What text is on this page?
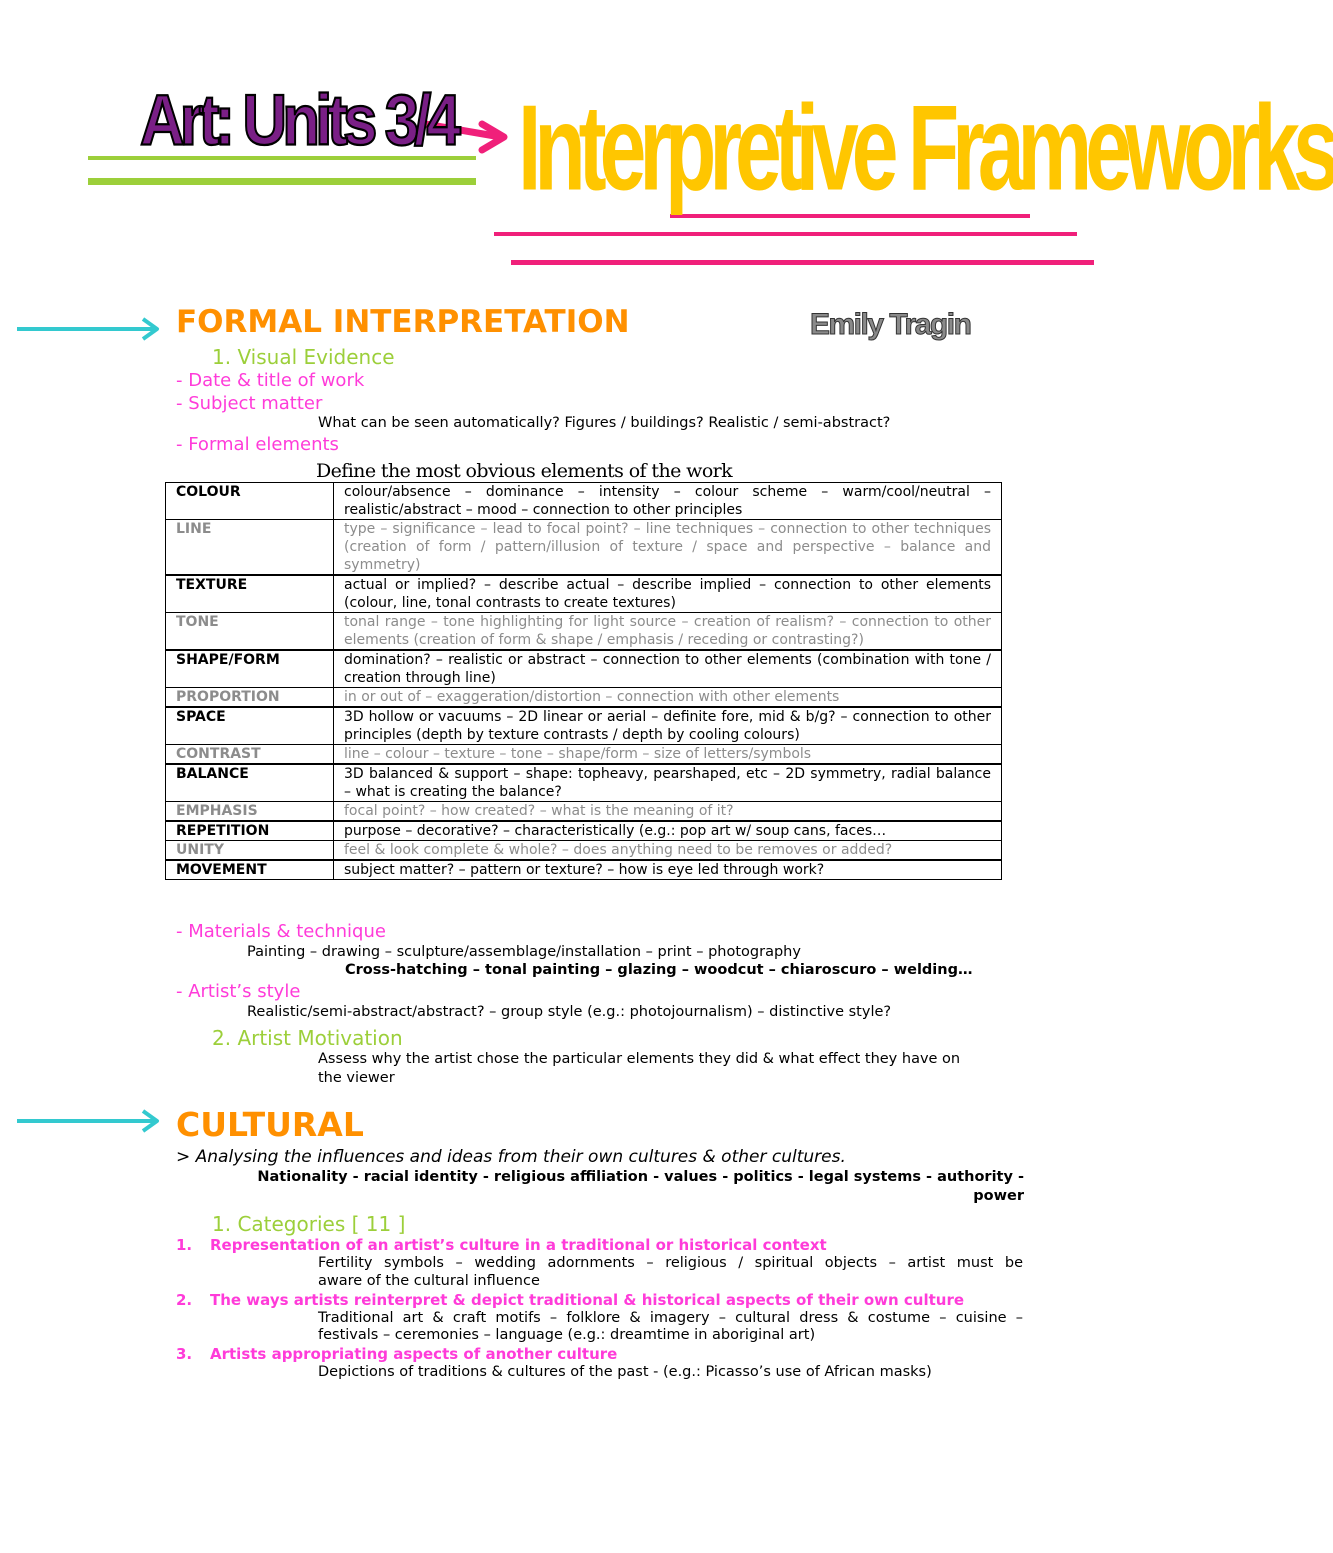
Art: Units 3/4 Interpretive Frameworks
FORMAL INTERPRETATION	Emily Tragin
1. Visual Evidence
- Date & title of work
- Subject matter
What can be seen automatically? Figures / buildings? Realistic / semi-abstract?
- Formal elements
Define the most obvious elements of the work
COLOUR	colour/absence – dominance – intensity – colour scheme – warm/cool/neutral – realistic/abstract – mood – connection to other principles
LINE	type – significance – lead to focal point? – line techniques – connection to other techniques (creation of form / pattern/illusion of texture / space and perspective – balance and symmetry)
TEXTURE	actual or implied? – describe actual – describe implied – connection to other elements (colour, line, tonal contrasts to create textures)
TONE	tonal range – tone highlighting for light source – creation of realism? – connection to other elements (creation of form & shape / emphasis / receding or contrasting?)
SHAPE/FORM	domination? – realistic or abstract – connection to other elements (combination with tone / creation through line)
PROPORTION	in or out of – exaggeration/distortion – connection with other elements
SPACE	3D hollow or vacuums – 2D linear or aerial – definite fore, mid & b/g? – connection to other principles (depth by texture contrasts / depth by cooling colours)
CONTRAST	line – colour – texture – tone – shape/form – size of letters/symbols
BALANCE	3D balanced & support – shape: topheavy, pearshaped, etc – 2D symmetry, radial balance – what is creating the balance?
EMPHASIS	focal point? – how created? – what is the meaning of it?
REPETITION	purpose – decorative? – characteristically (e.g.: pop art w/ soup cans, faces…
UNITY	feel & look complete & whole? – does anything need to be removes or added?
MOVEMENT	subject matter? – pattern or texture? – how is eye led through work?
- Materials & technique
Painting – drawing – sculpture/assemblage/installation – print – photography
Cross-hatching – tonal painting – glazing – woodcut – chiaroscuro – welding…
- Artist’s style
Realistic/semi-abstract/abstract? – group style (e.g.: photojournalism) – distinctive style?
2. Artist Motivation
Assess why the artist chose the particular elements they did & what effect they have on
the viewer
CULTURAL
> Analysing the influences and ideas from their own cultures & other cultures.
Nationality - racial identity - religious affiliation - values - politics - legal systems - authority -
power
1. Categories [ 11 ]
1. Representation of an artist’s culture in a traditional or historical context
Fertility symbols – wedding adornments – religious / spiritual objects – artist must be
aware of the cultural influence
2. The ways artists reinterpret & depict traditional & historical aspects of their own culture
Traditional art & craft motifs – folklore & imagery – cultural dress & costume – cuisine –
festivals – ceremonies – language (e.g.: dreamtime in aboriginal art)
3. Artists appropriating aspects of another culture
Depictions of traditions & cultures of the past - (e.g.: Picasso’s use of African masks)
